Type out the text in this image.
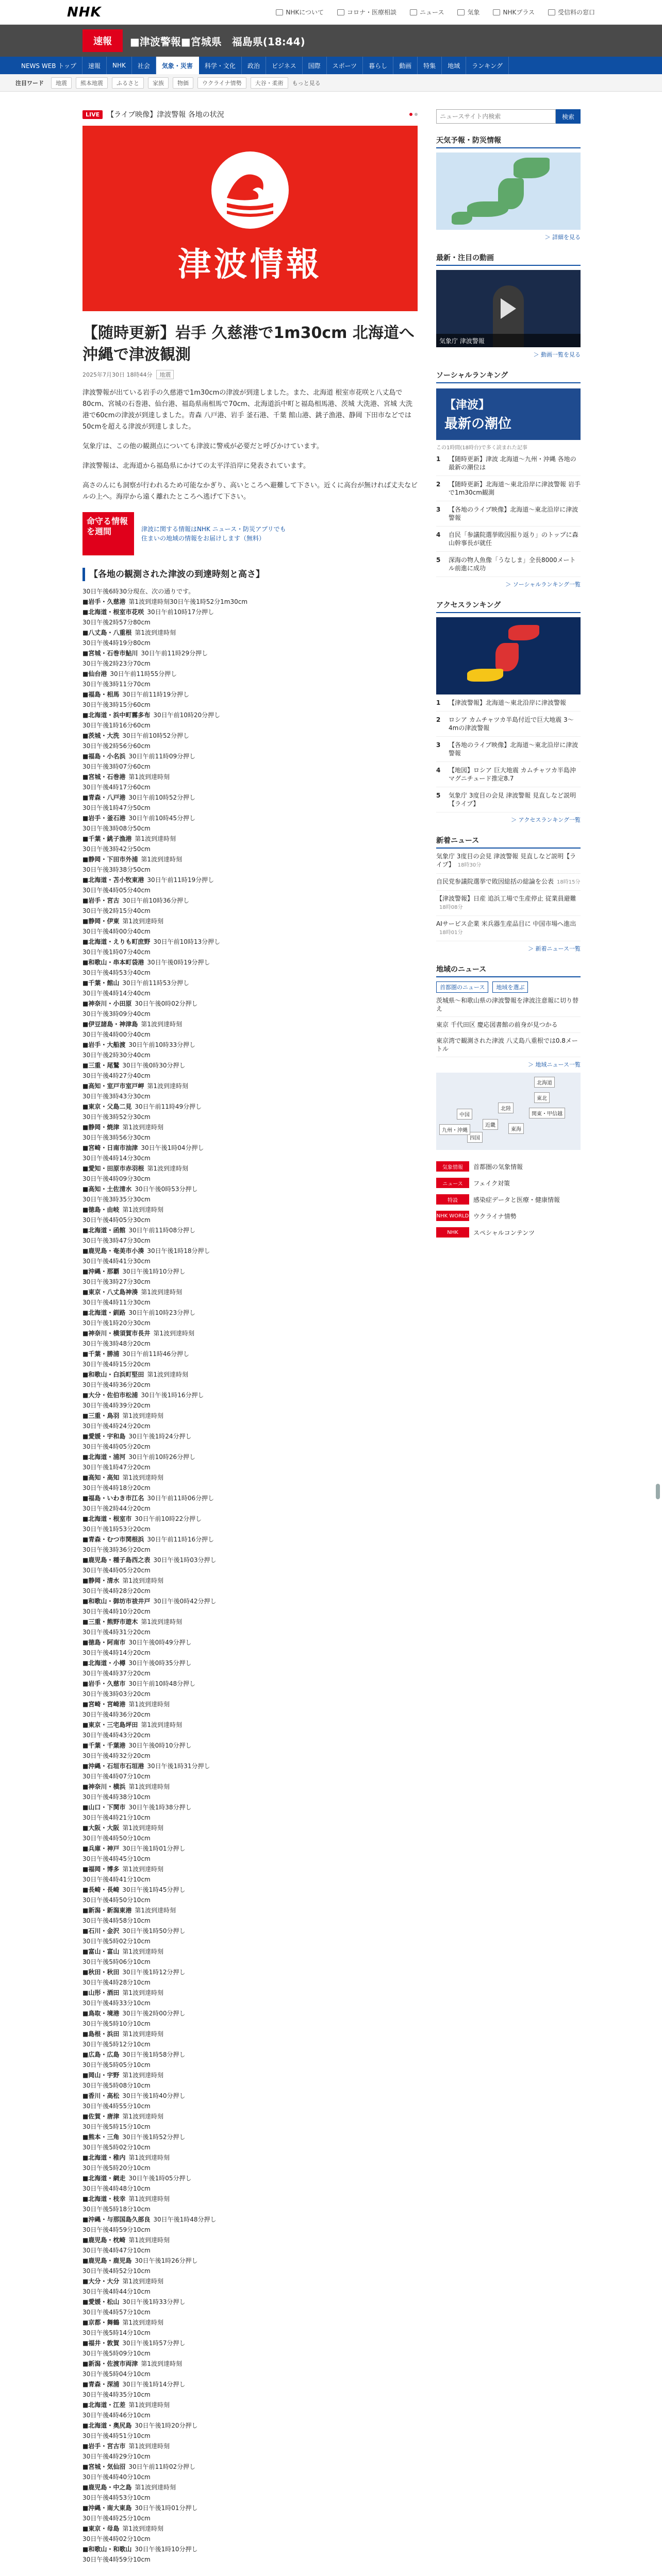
NHK	NHKについて	コロナ・医療相談	ニュース	気象	NHKプラス	受信料の窓口
速報	■津波警報■宮城県　福島県(18:44)
NEWS WEB トップ	速報	NHK	社会	気象・災害	科学・文化	政治	ビジネス	国際	スポーツ	暮らし	動画	特集	地域	ランキング
注目ワード	地震	熊本地震	ふるさと	家族	物価	ウクライナ情勢	大谷・柔術	もっと見る
LIVE	【ライブ映像】津波警報 各地の状況
津波情報
【随時更新】岩手 久慈港で1m30cm 北海道へ沖縄で津波観測
2025年7月30日 18時44分	地震

津波警報が出ている岩手の久慈港で1m30cmの津波が到達しました。また、北海道 根室市花咲と八丈島で80cm、宮城の石巻港、仙台港、福島県南相馬で70cm、北海道浜中町と福島相馬港、茨城 大洗港、宮城 大洗港で60cmの津波が到達しました。青森 八戸港、岩手 釜石港、千葉 館山港、銚子漁港、静岡 下田市などでは50cmを超える津波が到達しました。

気象庁は、この他の観測点についても津波に警戒が必要だと呼びかけています。

津波警報は、北海道から福島県にかけての太平洋沿岸に発表されています。

高さのんにも洞察が行われるため可能なかぎり、高いところへ避難して下さい。近くに高台が無ければ丈夫なビルの上へ。海岸から遠く離れたところへ逃げて下さい。

命守る情報を週間	津波に関する情報はNHK ニュース・防災アプリでも
住まいの地域の情報をお届けします（無料）
【各地の観測された津波の到達時刻と高さ】
30日午後6時30分現在、次の通りです。
■岩手・久慈港 第1波到達時刻30日午後1時52分1m30cm
■北海道・根室市花咲 30日午前10時17分押し
30日午後2時57分80cm
■八丈島・八重根 第1波到達時刻
30日午後4時19分80cm
■宮城・石巻市鮎川 30日午前11時29分押し
30日午後2時23分70cm
■仙台港 30日午前11時55分押し
30日午後3時11分70cm
■福島・相馬 30日午前11時19分押し
30日午後3時15分60cm
■北海道・浜中町霧多布 30日午前10時20分押し
30日午後1時16分60cm
■茨城・大洗 30日午前10時52分押し
30日午後2時56分60cm
■福島・小名浜 30日午前11時09分押し
30日午後3時07分60cm
■宮城・石巻港 第1波到達時刻
30日午後4時17分60cm
■青森・八戸港 30日午前10時52分押し
30日午後1時47分50cm
■岩手・釜石港 30日午前10時45分押し
30日午後3時08分50cm
■千葉・銚子漁港 第1波到達時刻
30日午後3時42分50cm
■静岡・下田市外浦 第1波到達時刻
30日午後3時38分50cm
■北海道・苫小牧東港 30日午前11時19分押し
30日午後4時05分40cm
■岩手・宮古 30日午前10時36分押し
30日午後2時15分40cm
■静岡・伊東 第1波到達時刻
30日午後4時00分40cm
■北海道・えりも町庶野 30日午前10時13分押し
30日午後1時07分40cm
■和歌山・串本町袋港 30日午後0時19分押し
30日午後4時53分40cm
■千葉・館山 30日午前11時53分押し
30日午後4時14分40cm
■神奈川・小田原 30日午後0時02分押し
30日午後3時09分40cm
■伊豆諸島・神津島 第1波到達時刻
30日午後4時00分40cm
■岩手・大船渡 30日午前10時33分押し
30日午後2時30分40cm
■三重・尾鷲 30日午後0時30分押し
30日午後4時27分40cm
■高知・室戸市室戸岬 第1波到達時刻
30日午後3時43分30cm
■東京・父島二見 30日午前11時49分押し
30日午後3時52分30cm
■静岡・焼津 第1波到達時刻
30日午後3時56分30cm
■宮崎・日南市油津 30日午後1時04分押し
30日午後4時14分30cm
■愛知・田原市赤羽根 第1波到達時刻
30日午後4時09分30cm
■高知・土佐清水 30日午後0時53分押し
30日午後3時35分30cm
■徳島・由岐 第1波到達時刻
30日午後4時05分30cm
■北海道・函館 30日午前11時08分押し
30日午後3時47分30cm
■鹿児島・奄美市小湊 30日午後1時18分押し
30日午後4時41分30cm
■沖縄・那覇 30日午後1時10分押し
30日午後3時27分30cm
■東京・八丈島神湊 第1波到達時刻
30日午後4時11分30cm
■北海道・釧路 30日午前10時23分押し
30日午後1時20分30cm
■神奈川・横須賀市長井 第1波到達時刻
30日午後3時48分20cm
■千葉・勝浦 30日午前11時46分押し
30日午後4時15分20cm
■和歌山・白浜町堅田 第1波到達時刻
30日午後4時36分20cm
■大分・佐伯市松浦 30日午後1時16分押し
30日午後4時39分20cm
■三重・鳥羽 第1波到達時刻
30日午後4時24分20cm
■愛媛・宇和島 30日午後1時24分押し
30日午後4時05分20cm
■北海道・浦河 30日午前10時26分押し
30日午後1時47分20cm
■高知・高知 第1波到達時刻
30日午後4時18分20cm
■福島・いわき市江名 30日午前11時06分押し
30日午後2時44分20cm
■北海道・根室市 30日午前10時22分押し
30日午後1時53分20cm
■青森・むつ市関根浜 30日午前11時16分押し
30日午後3時36分20cm
■鹿児島・種子島西之表 30日午後1時03分押し
30日午後4時05分20cm
■静岡・清水 第1波到達時刻
30日午後4時28分20cm
■和歌山・御坊市祓井戸 30日午後0時42分押し
30日午後4時10分20cm
■三重・熊野市遊木 第1波到達時刻
30日午後4時31分20cm
■徳島・阿南市 30日午後0時49分押し
30日午後4時14分20cm
■北海道・小樽 30日午後0時35分押し
30日午後4時37分20cm
■岩手・久慈市 30日午前10時48分押し
30日午後3時03分20cm
■宮崎・宮崎港 第1波到達時刻
30日午後4時36分20cm
■東京・三宅島坪田 第1波到達時刻
30日午後4時43分20cm
■千葉・千葉港 30日午後0時10分押し
30日午後4時32分20cm
■沖縄・石垣市石垣港 30日午後1時31分押し
30日午後4時07分10cm
■神奈川・横浜 第1波到達時刻
30日午後4時38分10cm
■山口・下関市 30日午後1時38分押し
30日午後4時21分10cm
■大阪・大阪 第1波到達時刻
30日午後4時50分10cm
■兵庫・神戸 30日午後1時01分押し
30日午後4時45分10cm
■福岡・博多 第1波到達時刻
30日午後4時41分10cm
■長崎・長崎 30日午後1時45分押し
30日午後4時50分10cm
■新潟・新潟東港 第1波到達時刻
30日午後4時58分10cm
■石川・金沢 30日午後1時50分押し
30日午後5時02分10cm
■富山・富山 第1波到達時刻
30日午後5時06分10cm
■秋田・秋田 30日午後1時12分押し
30日午後4時28分10cm
■山形・酒田 第1波到達時刻
30日午後4時33分10cm
■鳥取・境港 30日午後2時00分押し
30日午後5時10分10cm
■島根・浜田 第1波到達時刻
30日午後5時12分10cm
■広島・広島 30日午後1時58分押し
30日午後5時05分10cm
■岡山・宇野 第1波到達時刻
30日午後5時08分10cm
■香川・高松 30日午後1時40分押し
30日午後4時55分10cm
■佐賀・唐津 第1波到達時刻
30日午後5時15分10cm
■熊本・三角 30日午後1時52分押し
30日午後5時02分10cm
■北海道・稚内 第1波到達時刻
30日午後5時20分10cm
■北海道・網走 30日午後1時05分押し
30日午後4時48分10cm
■北海道・枝幸 第1波到達時刻
30日午後5時18分10cm
■沖縄・与那国島久部良 30日午後1時48分押し
30日午後4時59分10cm
■鹿児島・枕崎 第1波到達時刻
30日午後4時47分10cm
■鹿児島・鹿児島 30日午後1時26分押し
30日午後4時52分10cm
■大分・大分 第1波到達時刻
30日午後4時44分10cm
■愛媛・松山 30日午後1時33分押し
30日午後4時57分10cm
■京都・舞鶴 第1波到達時刻
30日午後5時14分10cm
■福井・敦賀 30日午後1時57分押し
30日午後5時09分10cm
■新潟・佐渡市両津 第1波到達時刻
30日午後5時04分10cm
■青森・深浦 30日午後1時14分押し
30日午後4時35分10cm
■北海道・江差 第1波到達時刻
30日午後4時46分10cm
■北海道・奥尻島 30日午後1時20分押し
30日午後4時51分10cm
■岩手・宮古市 第1波到達時刻
30日午後4時29分10cm
■宮城・気仙沼 30日午前11時02分押し
30日午後4時40分10cm
■鹿児島・中之島 第1波到達時刻
30日午後4時53分10cm
■沖縄・南大東島 30日午後1時01分押し
30日午後4時25分10cm
■東京・母島 第1波到達時刻
30日午後4時02分10cm
■和歌山・和歌山 30日午後1時10分押し
30日午後4時59分10cm
ニュースサイト内検索
検索
天気予報・防災情報
＞ 詳細を見る
最新・注目の動画
気象庁 津波警報
＞ 動画一覧を見る
ソーシャルランキング
【津波】
最新の潮位
この1時間(18時台)で多く読まれた記事
1	【随時更新】津波 北海道〜九州・沖縄 各地の最新の潮位は
2	【随時更新】北海道〜東北沿岸に津波警報 岩手で1m30cm観測
3	【各地のライブ映像】北海道〜東北沿岸に津波警報
4	自民「参議院選挙敗因振り返り」のトップに森山幹事長が就任
5	深海の物人魚像「うなしま」全長8000メートル前進に成功
＞ ソーシャルランキング一覧
アクセスランキング
1	【津波警報】北海道〜東北沿岸に津波警報
2	ロシア カムチャツカ半島付近で巨大地震 3〜4mの津波警報
3	【各地のライブ映像】北海道〜東北沿岸に津波警報
4	【地図】ロシア 巨大地震 カムチャツカ半島沖 マグニチュード推定8.7
5	気象庁 3度目の会見 津波警報 見直しなど説明【ライブ】
＞ アクセスランキング一覧
新着ニュース
気象庁 3度目の会見 津波警報 見直しなど説明【ライブ】 18時30分
自民党参議院選挙で敗因総括の総論を公表 18時15分
【津波警報】日産 追浜工場で生産停止 従業員避難18時08分
AIサービス企業 米兵器生産品目に 中国市場へ進出18時01分
＞ 新着ニュース一覧
地域のニュース
首都圏のニュース	地域を選ぶ
茨城県〜和歌山県の津波警報を津波注意報に切り替え
東京 千代田区 慶応図書館の前身が見つかる
東京湾で観測された津波 八丈島八重根では0.8メートル
＞ 地域ニュース一覧
北海道
東北
関東・甲信越
東海
北陸
近畿
中国
四国
九州・沖縄
気象情報	首都圏の気象情報
ニュース	フェイク対策
特設	感染症データと医療・健康情報
NHK WORLD ウクライナ情勢
NHK	スペシャルコンテンツ
